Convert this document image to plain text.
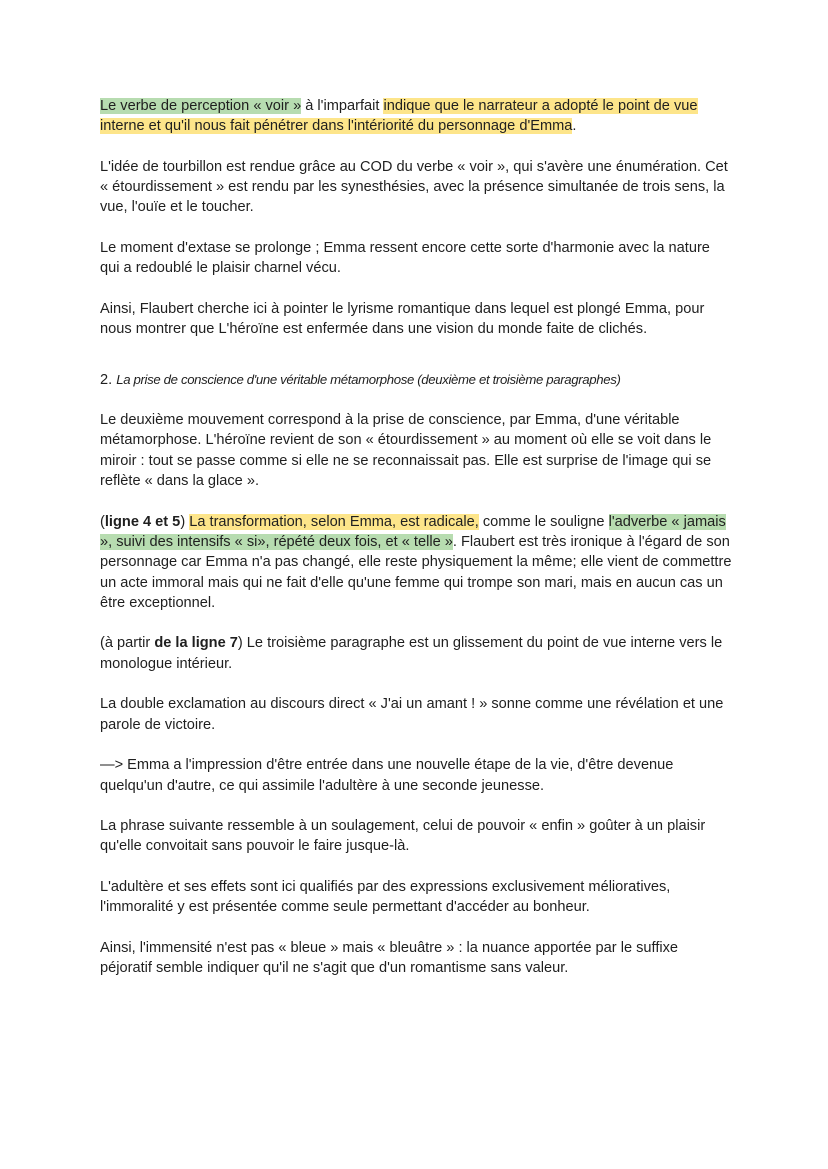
Le verbe de perception « voir » à l'imparfait indique que le narrateur a adopté le point de vue interne et qu'il nous fait pénétrer dans l'intériorité du personnage d'Emma.

L'idée de tourbillon est rendue grâce au COD du verbe « voir », qui s'avère une énumération. Cet « étourdissement » est rendu par les synesthésies, avec la présence simultanée de trois sens, la vue, l'ouïe et le toucher.

Le moment d'extase se prolonge ; Emma ressent encore cette sorte d'harmonie avec la nature qui a redoublé le plaisir charnel vécu.

Ainsi, Flaubert cherche ici à pointer le lyrisme romantique dans lequel est plongé Emma, pour nous montrer que L'héroïne est enfermée dans une vision du monde faite de clichés.

2. La prise de conscience d'une véritable métamorphose (deuxième et troisième paragraphes)

Le deuxième mouvement correspond à la prise de conscience, par Emma, d'une véritable métamorphose. L'héroïne revient de son « étourdissement » au moment où elle se voit dans le miroir : tout se passe comme si elle ne se reconnaissait pas. Elle est surprise de l'image qui se reflète « dans la glace ».

(ligne 4 et 5) La transformation, selon Emma, est radicale, comme le souligne l'adverbe « jamais », suivi des intensifs « si», répété deux fois, et « telle ». Flaubert est très ironique à l'égard de son personnage car Emma n'a pas changé, elle reste physiquement la même; elle vient de commettre un acte immoral mais qui ne fait d'elle qu'une femme qui trompe son mari, mais en aucun cas un être exceptionnel.

(à partir de la ligne 7) Le troisième paragraphe est un glissement du point de vue interne vers le monologue intérieur.

La double exclamation au discours direct « J'ai un amant ! » sonne comme une révélation et une parole de victoire.

—> Emma a l'impression d'être entrée dans une nouvelle étape de la vie, d'être devenue quelqu'un d'autre, ce qui assimile l'adultère à une seconde jeunesse.

La phrase suivante ressemble à un soulagement, celui de pouvoir « enfin » goûter à un plaisir qu'elle convoitait sans pouvoir le faire jusque-là.

L'adultère et ses effets sont ici qualifiés par des expressions exclusivement mélioratives, l'immoralité y est présentée comme seule permettant d'accéder au bonheur.

Ainsi, l'immensité n'est pas « bleue » mais « bleuâtre » : la nuance apportée par le suffixe péjoratif semble indiquer qu'il ne s'agit que d'un romantisme sans valeur.
